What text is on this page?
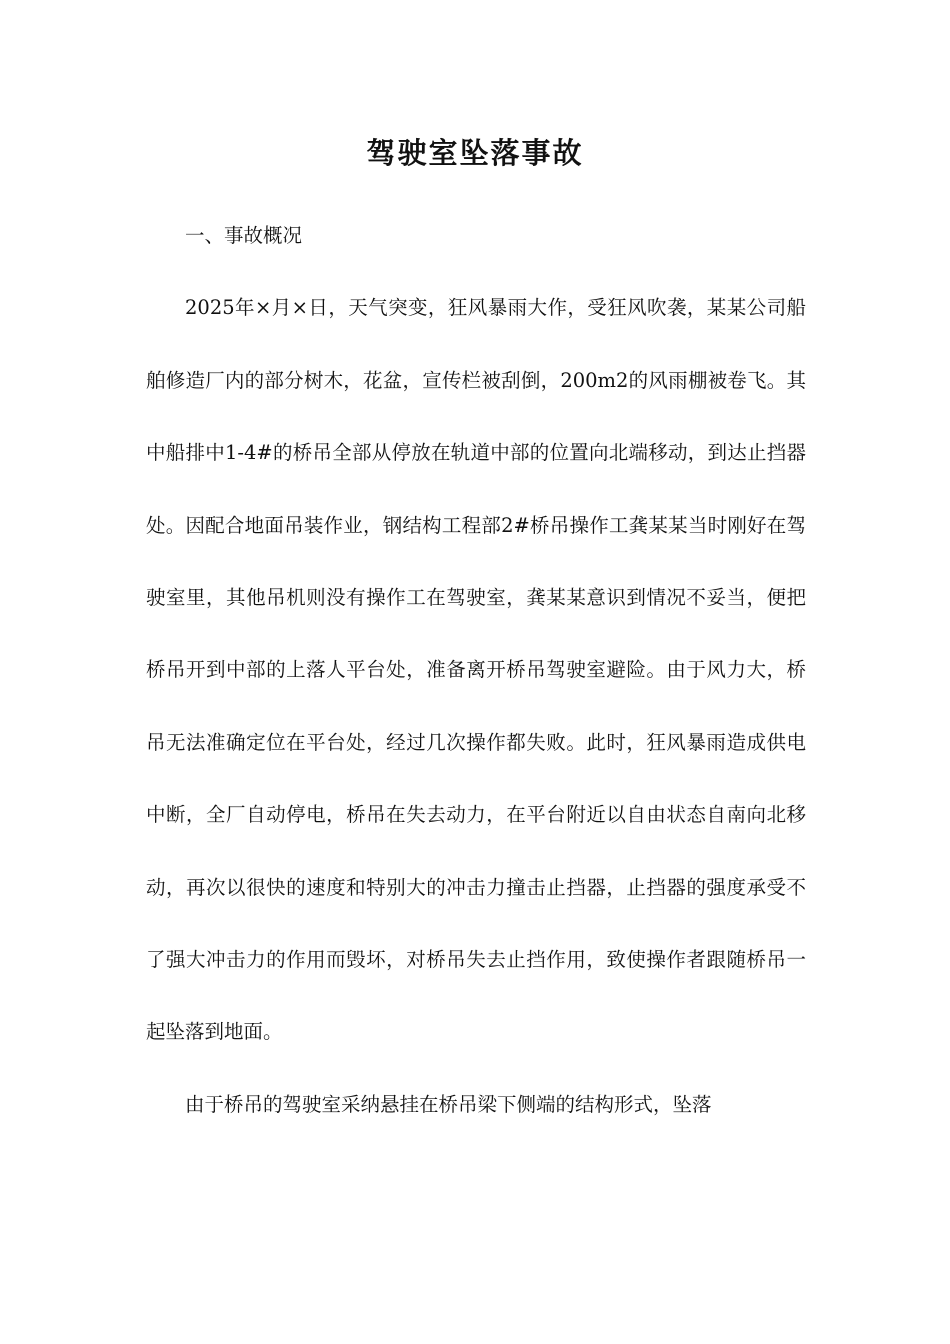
驾驶室坠落事故

一、事故概况

2025年×月×日，天气突变，狂风暴雨大作，受狂风吹袭，某某公司船舶修造厂内的部分树木，花盆，宣传栏被刮倒，200m2的风雨棚被卷飞。其中船排中1-4#的桥吊全部从停放在轨道中部的位置向北端移动，到达止挡器处。因配合地面吊装作业，钢结构工程部2#桥吊操作工龚某某当时刚好在驾驶室里，其他吊机则没有操作工在驾驶室，龚某某意识到情况不妥当，便把桥吊开到中部的上落人平台处，准备离开桥吊驾驶室避险。由于风力大，桥吊无法准确定位在平台处，经过几次操作都失败。此时，狂风暴雨造成供电中断，全厂自动停电，桥吊在失去动力，在平台附近以自由状态自南向北移动，再次以很快的速度和特别大的冲击力撞击止挡器，止挡器的强度承受不了强大冲击力的作用而毁坏，对桥吊失去止挡作用，致使操作者跟随桥吊一起坠落到地面。

由于桥吊的驾驶室采纳悬挂在桥吊梁下侧端的结构形式，坠落
